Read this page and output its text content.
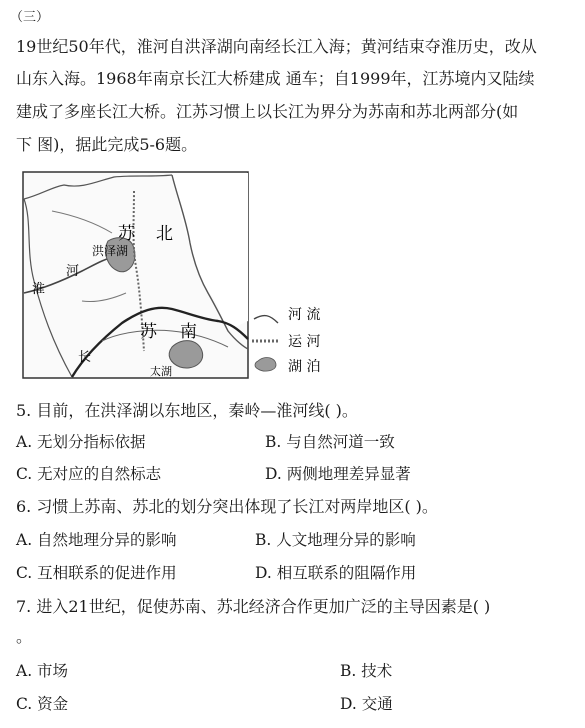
（三）
19世纪50年代，淮河自洪泽湖向南经长江入海；黄河结束夺淮历史，改从
山东入海。1968年南京长江大桥建成 通车；自1999年，江苏境内又陆续
建成了多座长江大桥。江苏习惯上以长江为界分为苏南和苏北两部分(如
下 图)，据此完成5-6题。
苏 北
苏 南
洪泽湖
河
淮
长
太湖
河 流
运 河
湖 泊
5. 目前，在洪泽湖以东地区，秦岭—淮河线( )。
A. 无划分指标依据	B. 与自然河道一致
C. 无对应的自然标志	D. 两侧地理差异显著
6. 习惯上苏南、苏北的划分突出体现了长江对两岸地区( )。
A. 自然地理分异的影响	B. 人文地理分异的影响
C. 互相联系的促进作用	D. 相互联系的阻隔作用
7. 进入21世纪，促使苏南、苏北经济合作更加广泛的主导因素是( )
。
A. 市场	B. 技术
C. 资金	D. 交通
